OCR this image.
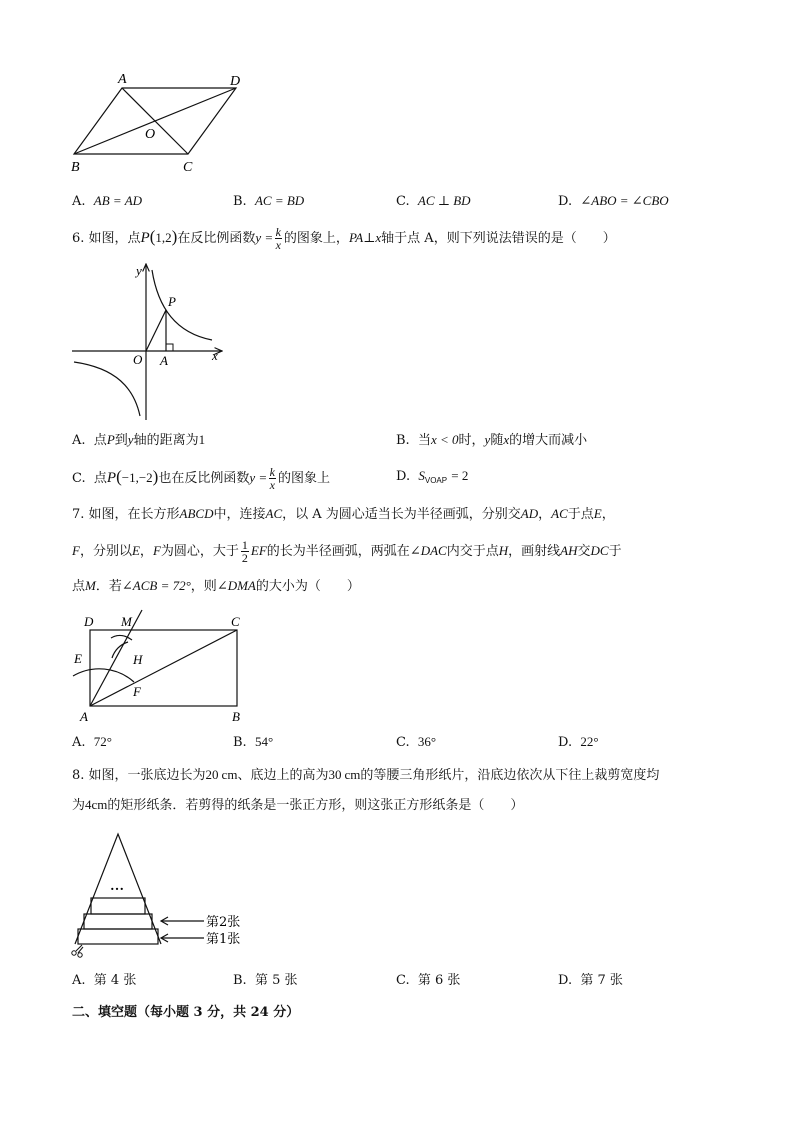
A	D
O
B	C
A. AB = AD	B. AC = BD	C. AC ⊥ BD	D. ∠ABO = ∠CBO
6. 如图，点P(1,2)在反比例函数$y = \frac{k}{x}$ 的图象上，PA⊥x轴于点 A，则下列说法错误的是（　　）
y
P
O A	x
A. 点P到y轴的距离为1	B. 当x < 0时，y随x的增大而减小
C. 点P(−1,−2)也在反比例函数$y = \frac{k}{x}$ 的图象上	D. $S_{VOAP} = 2$
7. 如图，在长方形ABCD中，连接AC，以 A 为圆心适当长为半径画弧，分别交AD，AC于点E，
F，分别以E，F为圆心，大于 $\frac{1}{2}$ EF的长为半径画弧，两弧在∠DAC内交于点H，画射线AH交DC于
点M．若∠ACB = 72°，则∠DMA的大小为（　　）
D M	C
E	H
F
A	B
A. 72°	B. 54°	C. 36°	D. 22°
8. 如图，一张底边长为20 cm、底边上的高为30 cm的等腰三角形纸片，沿底边依次从下往上裁剪宽度均
为4cm的矩形纸条．若剪得的纸条是一张正方形，则这张正方形纸条是（　　）
…
第2张
第1张
A. 第 4 张	B. 第 5 张	C. 第 6 张	D. 第 7 张
二、填空题（每小题 3 分，共 24 分）
